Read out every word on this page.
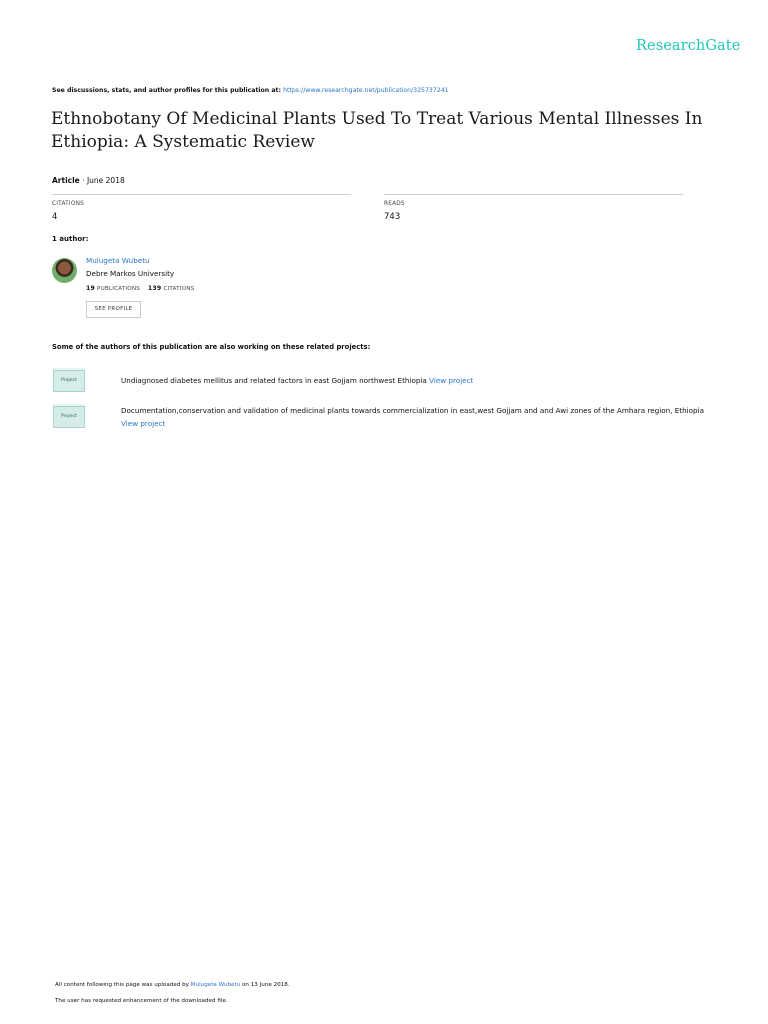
ResearchGate
See discussions, stats, and author profiles for this publication at: https://www.researchgate.net/publication/325737241
Ethnobotany Of Medicinal Plants Used To Treat Various Mental Illnesses In Ethiopia: A Systematic Review
Article · June 2018
CITATIONS
4
READS
743
1 author:
Mulugeta Wubetu
Debre Markos University
19 PUBLICATIONS 139 CITATIONS
SEE PROFILE
Some of the authors of this publication are also working on these related projects:
Project	Undiagnosed diabetes mellitus and related factors in east Gojjam northwest Ethiopia View project
Project
Documentation,conservation and validation of medicinal plants towards commercialization in east,west Gojjam and and Awi zones of the Amhara region, Ethiopia
View project
All content following this page was uploaded by Mulugeta Wubetu on 13 June 2018.
The user has requested enhancement of the downloaded file.
